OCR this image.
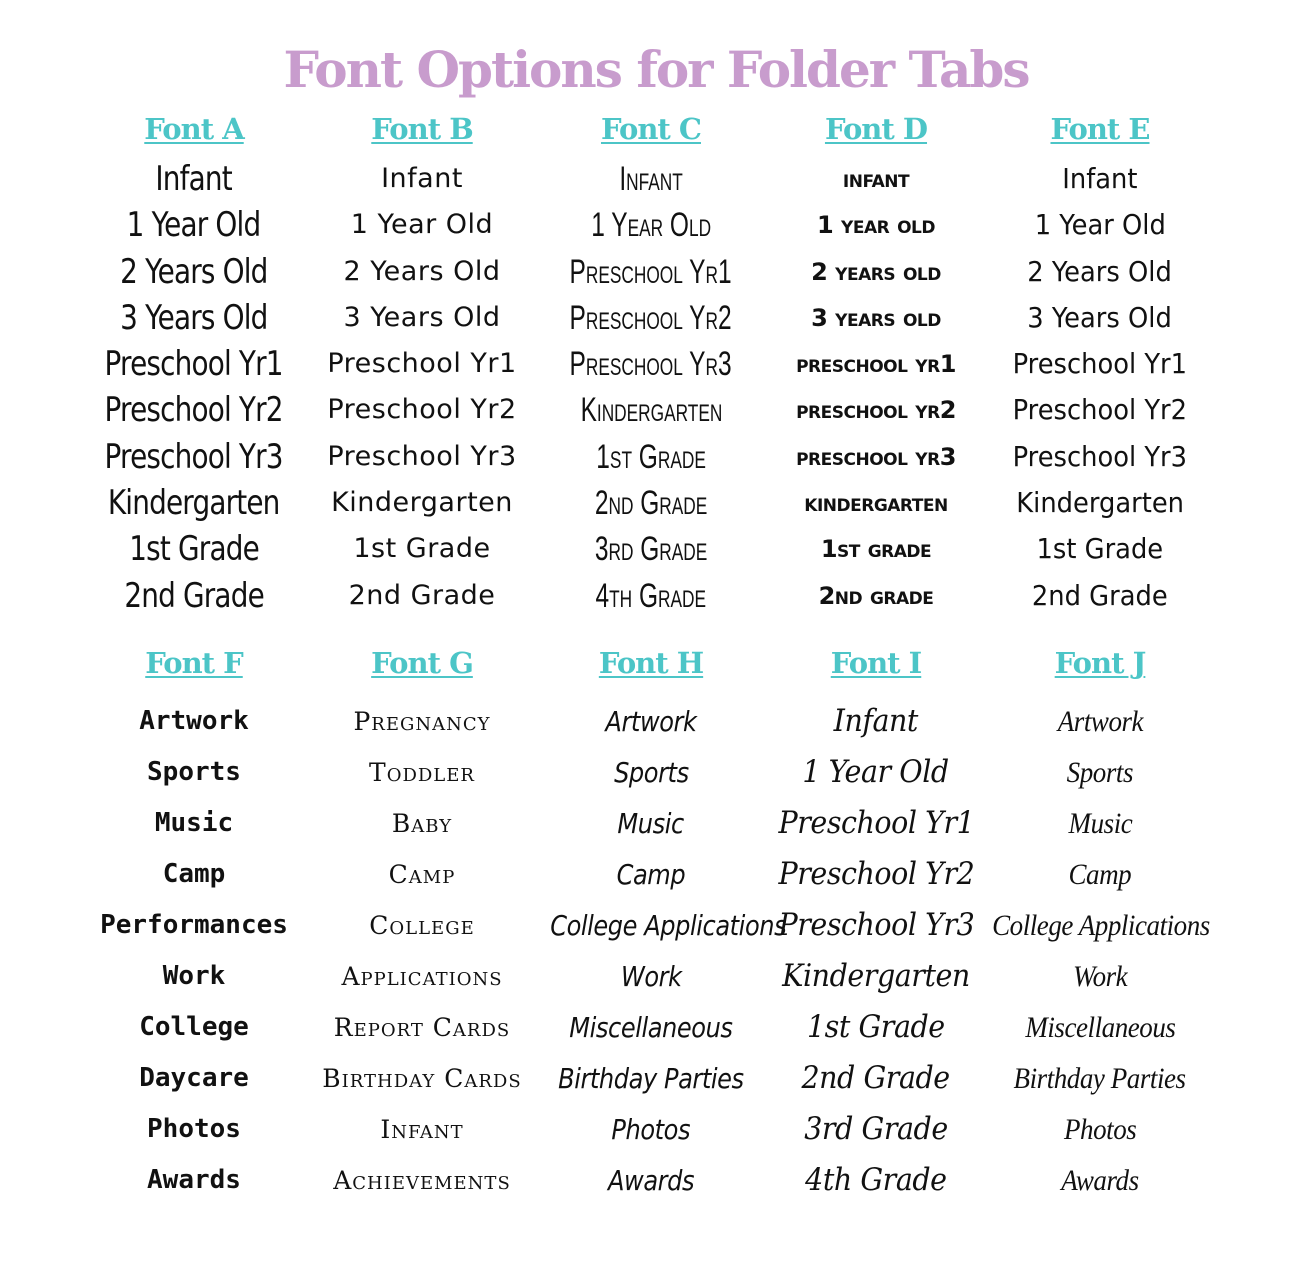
Font Options for Folder Tabs
Font A
Infant
1 Year Old
2 Years Old
3 Years Old
Preschool Yr1
Preschool Yr2
Preschool Yr3
Kindergarten
1st Grade
2nd Grade
Font B
Infant
1 Year Old
2 Years Old
3 Years Old
Preschool Yr1
Preschool Yr2
Preschool Yr3
Kindergarten
1st Grade
2nd Grade
Font C
Infant
1 Year Old
Preschool Yr1
Preschool Yr2
Preschool Yr3
Kindergarten
1st Grade
2nd Grade
3rd Grade
4th Grade
Font D
infant
1 year old
2 years old
3 years old
preschool yr1
preschool yr2
preschool yr3
kindergarten
1st grade
2nd grade
Font E
Infant
1 Year Old
2 Years Old
3 Years Old
Preschool Yr1
Preschool Yr2
Preschool Yr3
Kindergarten
1st Grade
2nd Grade
Font F
Artwork
Sports
Music
Camp
Performances
Work
College
Daycare
Photos
Awards
Font G
Pregnancy
Toddler
Baby
Camp
College
Applications
Report Cards
Birthday Cards
Infant
Achievements
Font H
Artwork
Sports
Music
Camp
College Applications
Work
Miscellaneous
Birthday Parties
Photos
Awards
Font I
Infant
1 Year Old
Preschool Yr1
Preschool Yr2
Preschool Yr3
Kindergarten
1st Grade
2nd Grade
3rd Grade
4th Grade
Font J
Artwork
Sports
Music
Camp
College Applications
Work
Miscellaneous
Birthday Parties
Photos
Awards
